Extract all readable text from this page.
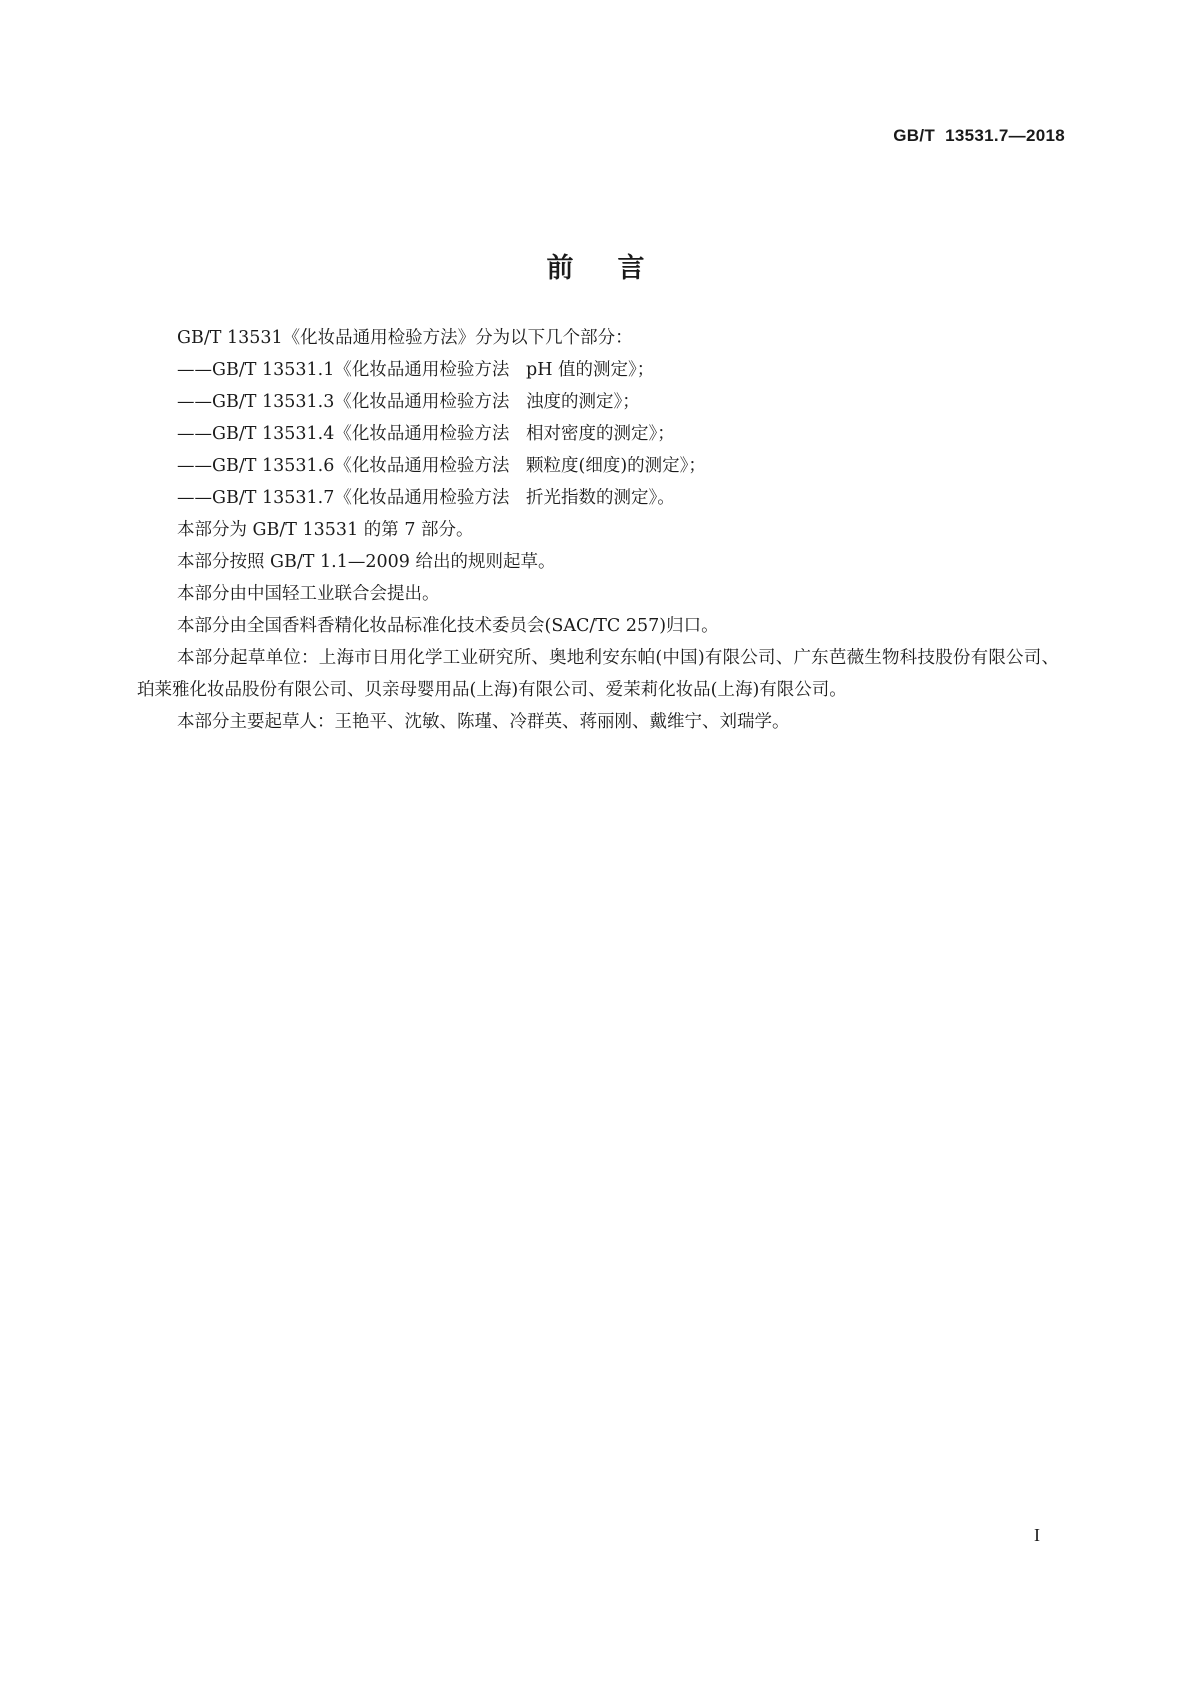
GB/T  13531.7—2018
前言

GB/T 13531《化妆品通用检验方法》分为以下几个部分：

——GB/T 13531.1《化妆品通用检验方法   pH 值的测定》；

——GB/T 13531.3《化妆品通用检验方法   浊度的测定》；

——GB/T 13531.4《化妆品通用检验方法   相对密度的测定》；

——GB/T 13531.6《化妆品通用检验方法   颗粒度(细度)的测定》；

——GB/T 13531.7《化妆品通用检验方法   折光指数的测定》。

本部分为 GB/T 13531 的第 7 部分。

本部分按照 GB/T 1.1—2009 给出的规则起草。

本部分由中国轻工业联合会提出。

本部分由全国香料香精化妆品标准化技术委员会(SAC/TC 257)归口。

本部分起草单位：上海市日用化学工业研究所、奥地利安东帕(中国)有限公司、广东芭薇生物科技股份有限公司、珀莱雅化妆品股份有限公司、贝亲母婴用品(上海)有限公司、爱茉莉化妆品(上海)有限公司。

本部分主要起草人：王艳平、沈敏、陈瑾、冷群英、蒋丽刚、戴维宁、刘瑞学。

I
